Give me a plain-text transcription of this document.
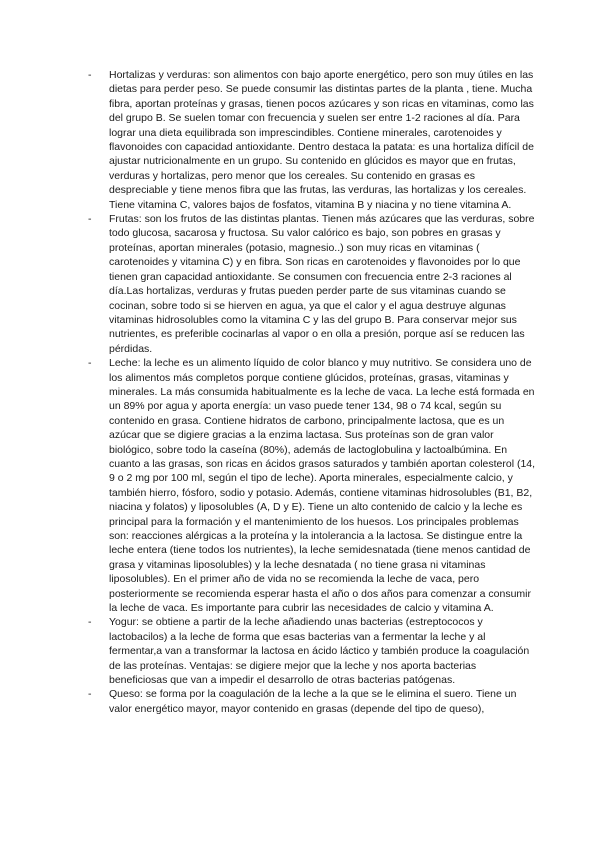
- Hortalizas y verduras: son alimentos con bajo aporte energético, pero son muy útiles en las dietas para perder peso. Se puede consumir las distintas partes de la planta , tiene. Mucha fibra, aportan proteínas y grasas, tienen pocos azúcares y son ricas en vitaminas, como las del grupo B. Se suelen tomar con frecuencia y suelen ser entre 1-2 raciones al día. Para lograr una dieta equilibrada son imprescindibles. Contiene minerales, carotenoides y flavonoides con capacidad antioxidante. Dentro destaca la patata: es una hortaliza difícil de ajustar nutricionalmente en un grupo. Su contenido en glúcidos es mayor que en frutas, verduras y hortalizas, pero menor que los cereales. Su contenido en grasas es despreciable y tiene menos fibra que las frutas, las verduras, las hortalizas y los cereales. Tiene vitamina C, valores bajos de fosfatos, vitamina B y niacina y no tiene vitamina A.

- Frutas: son los frutos de las distintas plantas. Tienen más azúcares que las verduras, sobre todo glucosa, sacarosa y fructosa. Su valor calórico es bajo, son pobres en grasas y proteínas, aportan minerales (potasio, magnesio..) son muy ricas en vitaminas ( carotenoides y vitamina C) y en fibra. Son ricas en carotenoides y flavonoides por lo que tienen gran capacidad antioxidante. Se consumen con frecuencia entre 2-3 raciones al día.Las hortalizas, verduras y frutas pueden perder parte de sus vitaminas cuando se cocinan, sobre todo si se hierven en agua, ya que el calor y el agua destruye algunas vitaminas hidrosolubles como la vitamina C y las del grupo B. Para conservar mejor sus nutrientes, es preferible cocinarlas al vapor o en olla a presión, porque así se reducen las pérdidas.

- Leche: la leche es un alimento líquido de color blanco y muy nutritivo. Se considera uno de los alimentos más completos porque contiene glúcidos, proteínas, grasas, vitaminas y minerales. La más consumida habitualmente es la leche de vaca. La leche está formada en un 89% por agua y aporta energía: un vaso puede tener 134, 98 o 74 kcal, según su contenido en grasa. Contiene hidratos de carbono, principalmente lactosa, que es un azúcar que se digiere gracias a la enzima lactasa. Sus proteínas son de gran valor biológico, sobre todo la caseína (80%), además de lactoglobulina y lactoalbúmina. En cuanto a las grasas, son ricas en ácidos grasos saturados y también aportan colesterol (14, 9 o 2 mg por 100 ml, según el tipo de leche). Aporta minerales, especialmente calcio, y también hierro, fósforo, sodio y potasio. Además, contiene vitaminas hidrosolubles (B1, B2, niacina y folatos) y liposolubles (A, D y E). Tiene un alto contenido de calcio y la leche es principal para la formación y el mantenimiento de los huesos. Los principales problemas son: reacciones alérgicas a la proteína y la intolerancia a la lactosa. Se distingue entre la leche entera (tiene todos los nutrientes), la leche semidesnatada (tiene menos cantidad de grasa y vitaminas liposolubles) y la leche desnatada ( no tiene grasa ni vitaminas liposolubles). En el primer año de vida no se recomienda la leche de vaca, pero posteriormente se recomienda esperar hasta el año o dos años para comenzar a consumir la leche de vaca. Es importante para cubrir las necesidades de calcio y vitamina A.

- Yogur: se obtiene a partir de la leche añadiendo unas bacterias (estreptococos y lactobacilos) a la leche de forma que esas bacterias van a fermentar la leche y al fermentar,a van a transformar la lactosa en ácido láctico y también produce la coagulación de las proteínas. Ventajas: se digiere mejor que la leche y nos aporta bacterias beneficiosas que van a impedir el desarrollo de otras bacterias patógenas.

- Queso: se forma por la coagulación de la leche a la que se le elimina el suero. Tiene un valor energético mayor, mayor contenido en grasas (depende del tipo de queso),
